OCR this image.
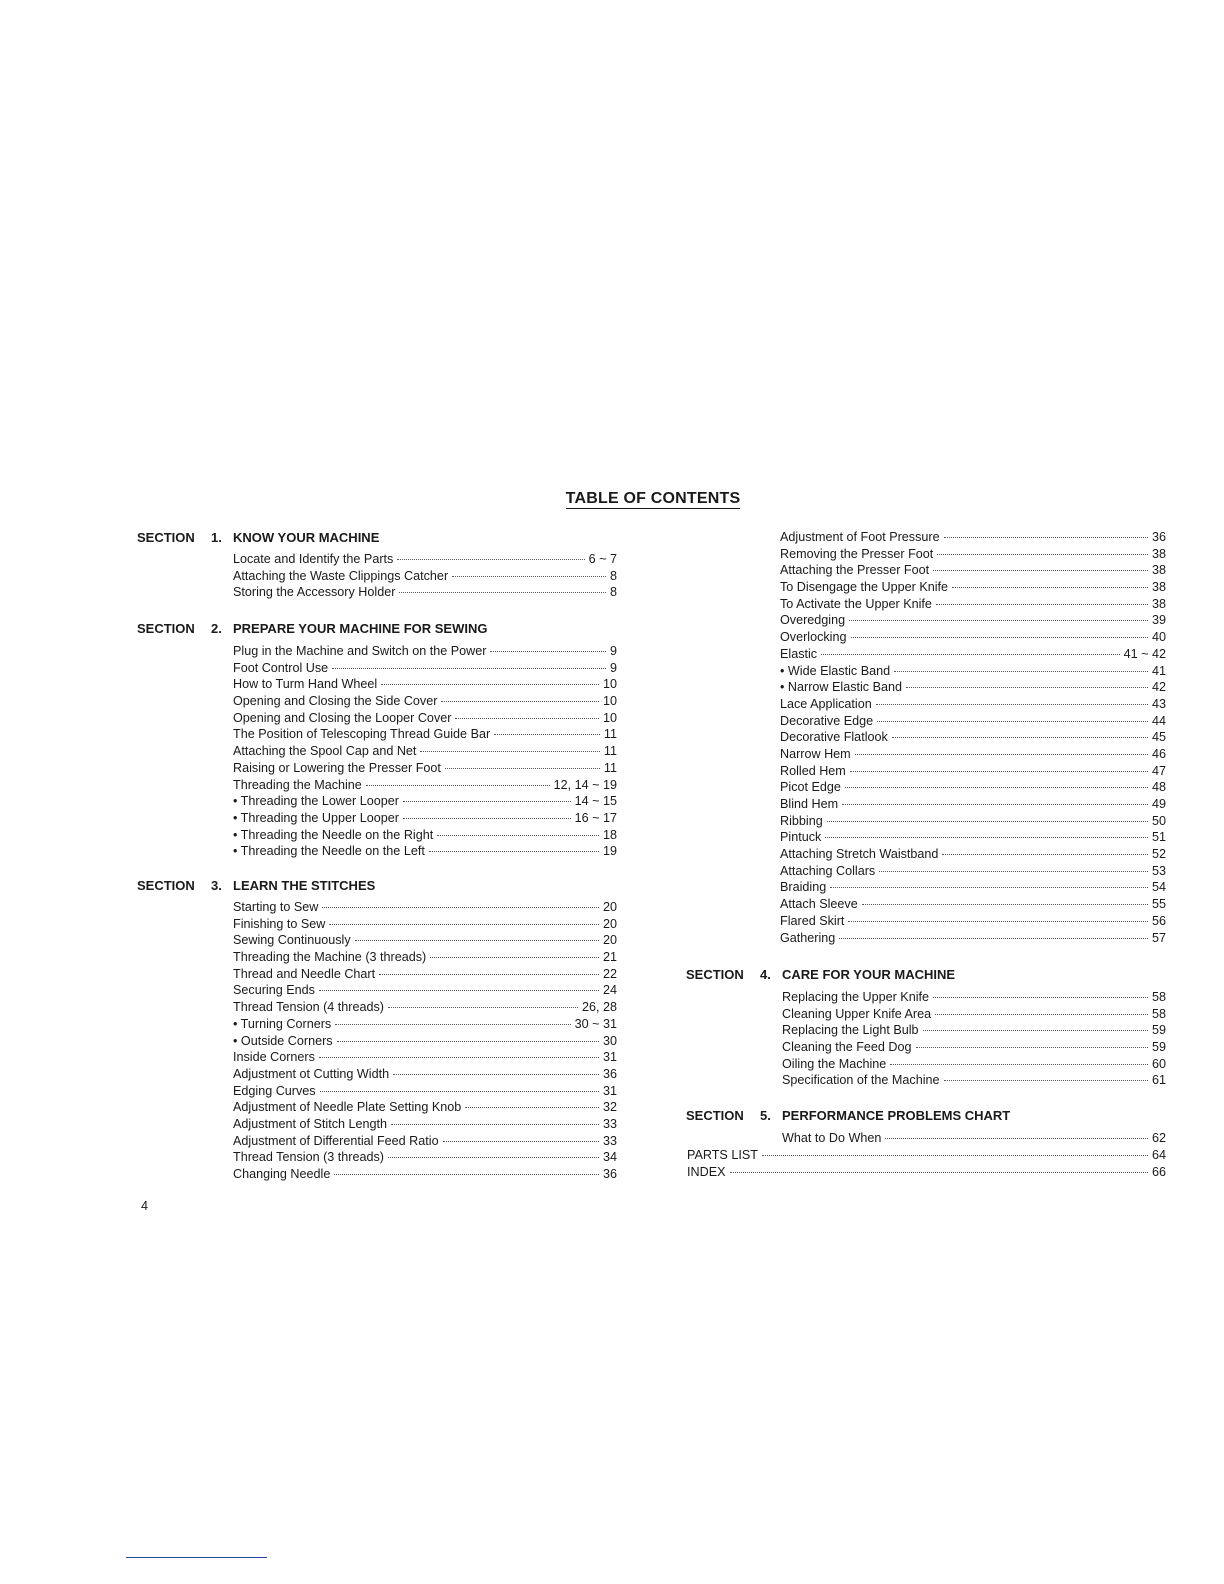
TABLE OF CONTENTS
SECTION 1. KNOW YOUR MACHINE
Locate and Identify the Parts	6 ~ 7
Attaching the Waste Clippings Catcher	8
Storing the Accessory Holder	8
SECTION 2. PREPARE YOUR MACHINE FOR SEWING
Plug in the Machine and Switch on the Power	9
Foot Control Use	9
How to Turm Hand Wheel	10
Opening and Closing the Side Cover	10
Opening and Closing the Looper Cover	10
The Position of Telescoping Thread Guide Bar	11
Attaching the Spool Cap and Net	11
Raising or Lowering the Presser Foot	11
Threading the Machine	12, 14 ~ 19
• Threading the Lower Looper	14 ~ 15
• Threading the Upper Looper	16 ~ 17
• Threading the Needle on the Right	18
• Threading the Needle on the Left	19
SECTION 3. LEARN THE STITCHES
Starting to Sew	20
Finishing to Sew	20
Sewing Continuously	20
Threading the Machine (3 threads)	21
Thread and Needle Chart	22
Securing Ends	24
Thread Tension (4 threads)	26, 28
• Turning Corners	30 ~ 31
• Outside Corners	30
Inside Corners	31
Adjustment ot Cutting Width	36
Edging Curves	31
Adjustment of Needle Plate Setting Knob	32
Adjustment of Stitch Length	33
Adjustment of Differential Feed Ratio	33
Thread Tension (3 threads)	34
Changing Needle	36
Adjustment of Foot Pressure	36
Removing the Presser Foot	38
Attaching the Presser Foot	38
To Disengage the Upper Knife	38
To Activate the Upper Knife	38
Overedging	39
Overlocking	40
Elastic	41 ~ 42
• Wide Elastic Band	41
• Narrow Elastic Band	42
Lace Application	43
Decorative Edge	44
Decorative Flatlook	45
Narrow Hem	46
Rolled Hem	47
Picot Edge	48
Blind Hem	49
Ribbing	50
Pintuck	51
Attaching Stretch Waistband	52
Attaching Collars	53
Braiding	54
Attach Sleeve	55
Flared Skirt	56
Gathering	57
SECTION 4. CARE FOR YOUR MACHINE
Replacing the Upper Knife	58
Cleaning Upper Knife Area	58
Replacing the Light Bulb	59
Cleaning the Feed Dog	59
Oiling the Machine	60
Specification of the Machine	61
SECTION 5. PERFORMANCE PROBLEMS CHART
What to Do When	62
PARTS LIST	64
INDEX	66
4
